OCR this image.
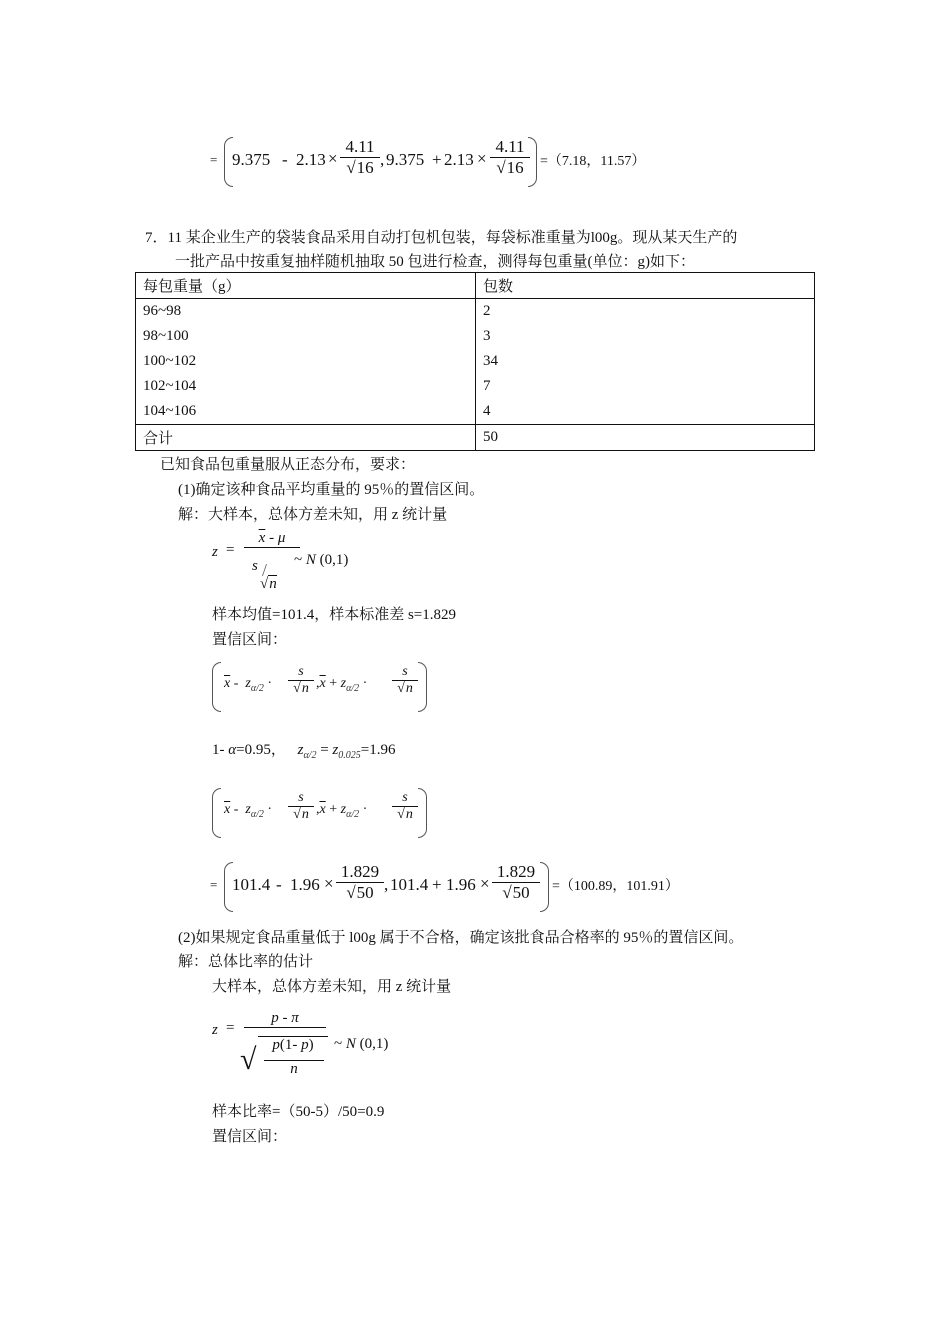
= $9.375 - 2.13 \times \frac{4.11}{√16}$ , $9.375 + 2.13 \times \frac{4.11}{√16} =(7.18$，11.57）
7．11 某企业生产的袋装食品采用自动打包机包装，每袋标准重量为l00g。现从某天生产的
一批产品中按重复抽样随机抽取 50 包进行检查，测得每包重量(单位：g)如下：
每包重量（g）	包数
96~98	2
98~100	3
100~102	34
102~104	7
104~106	4
合计	50
已知食品包重量服从正态分布，要求：
(1)确定该种食品平均重量的 95％的置信区间。
解：大样本，总体方差未知，用 z 统计量
z =
$\overline{x}$ - μ
s /
√n
~ N (0,1)
样本均值=101.4，样本标准差 s=1.829
置信区间：
$\overline{x} - z_{\alpha/2} \cdot \frac{s}{√n} ,\overline{x} + z_{\alpha/2} \cdot \frac{s}{√n}$
1- α=0.95， $z_{\alpha/2} = z_{0.025}=1.96$
$\overline{x} - z_{\alpha/2} \cdot \frac{s}{√n} ,\overline{x} + z_{\alpha/2} \cdot \frac{s}{√n}$
= $101.4 - 1.96 \times \frac{1.829}{√50}$ , $101.4 + 1.96 \times \frac{1.829}{√50} =(100.89$，101.91）
(2)如果规定食品重量低于 l00g 属于不合格，确定该批食品合格率的 95％的置信区间。
解：总体比率的估计
大样本，总体方差未知，用 z 统计量
z =
p - π
√	p(1- p)
n
~ N (0,1)
样本比率=（50-5）/50=0.9
置信区间：
